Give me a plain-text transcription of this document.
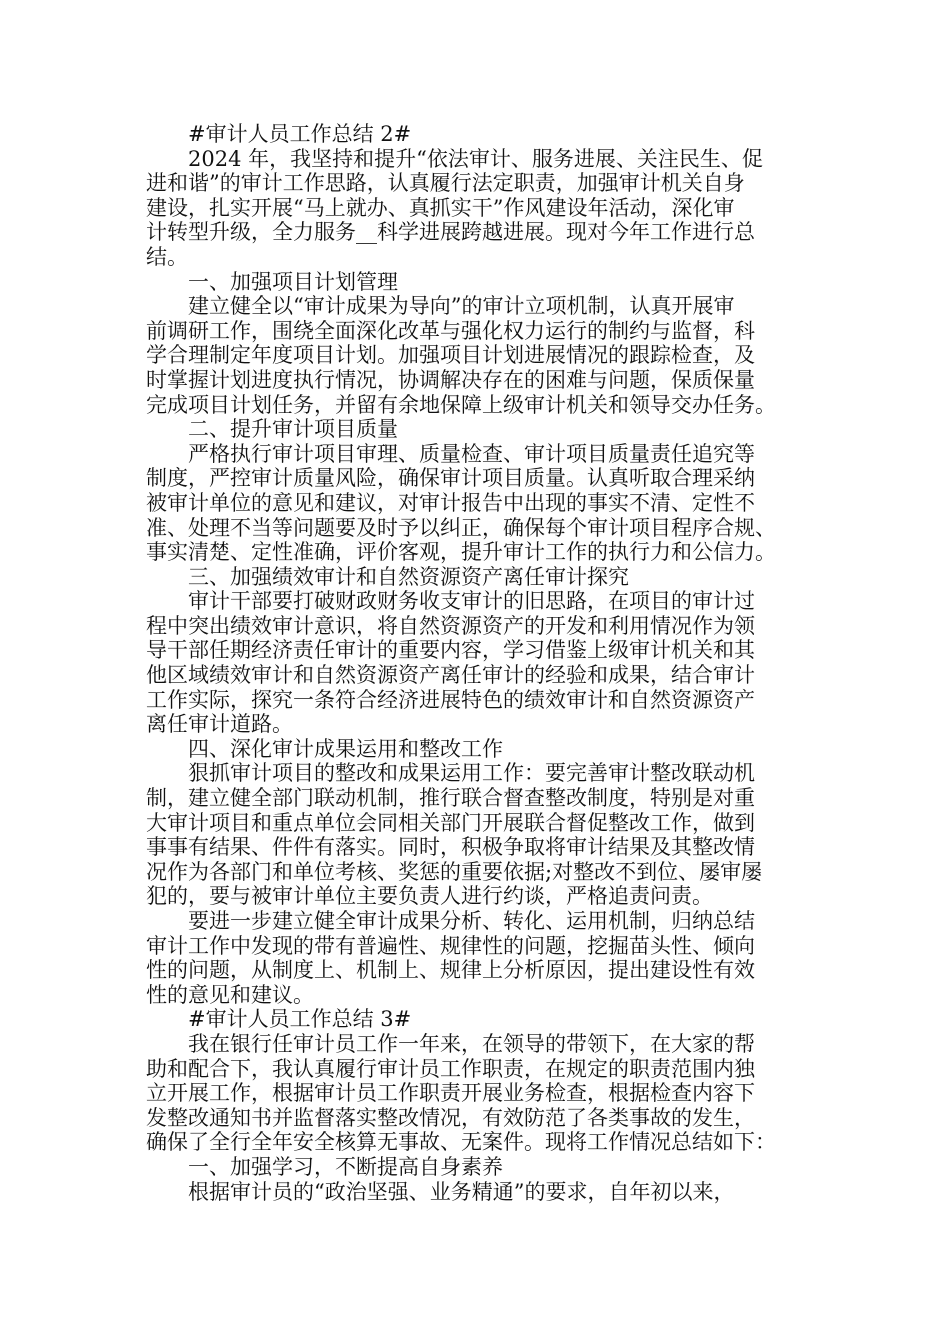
#审计人员工作总结 2#
2024 年，我坚持和提升“依法审计、服务进展、关注民生、促
进和谐”的审计工作思路，认真履行法定职责，加强审计机关自身
建设，扎实开展“马上就办、真抓实干”作风建设年活动，深化审
计转型升级，全力服务__科学进展跨越进展。现对今年工作进行总
结。
一、加强项目计划管理
建立健全以“审计成果为导向”的审计立项机制，认真开展审
前调研工作，围绕全面深化改革与强化权力运行的制约与监督，科
学合理制定年度项目计划。加强项目计划进展情况的跟踪检查，及
时掌握计划进度执行情况，协调解决存在的困难与问题，保质保量
完成项目计划任务，并留有余地保障上级审计机关和领导交办任务。
二、提升审计项目质量
严格执行审计项目审理、质量检查、审计项目质量责任追究等
制度，严控审计质量风险，确保审计项目质量。认真听取合理采纳
被审计单位的意见和建议，对审计报告中出现的事实不清、定性不
准、处理不当等问题要及时予以纠正，确保每个审计项目程序合规、
事实清楚、定性准确，评价客观，提升审计工作的执行力和公信力。
三、加强绩效审计和自然资源资产离任审计探究
审计干部要打破财政财务收支审计的旧思路，在项目的审计过
程中突出绩效审计意识，将自然资源资产的开发和利用情况作为领
导干部任期经济责任审计的重要内容，学习借鉴上级审计机关和其
他区域绩效审计和自然资源资产离任审计的经验和成果，结合审计
工作实际，探究一条符合经济进展特色的绩效审计和自然资源资产
离任审计道路。
四、深化审计成果运用和整改工作
狠抓审计项目的整改和成果运用工作：要完善审计整改联动机
制，建立健全部门联动机制，推行联合督查整改制度，特别是对重
大审计项目和重点单位会同相关部门开展联合督促整改工作，做到
事事有结果、件件有落实。同时，积极争取将审计结果及其整改情
况作为各部门和单位考核、奖惩的重要依据;对整改不到位、屡审屡
犯的，要与被审计单位主要负责人进行约谈，严格追责问责。
要进一步建立健全审计成果分析、转化、运用机制，归纳总结
审计工作中发现的带有普遍性、规律性的问题，挖掘苗头性、倾向
性的问题，从制度上、机制上、规律上分析原因，提出建设性有效
性的意见和建议。
#审计人员工作总结 3#
我在银行任审计员工作一年来，在领导的带领下，在大家的帮
助和配合下，我认真履行审计员工作职责，在规定的职责范围内独
立开展工作，根据审计员工作职责开展业务检查，根据检查内容下
发整改通知书并监督落实整改情况，有效防范了各类事故的发生，
确保了全行全年安全核算无事故、无案件。现将工作情况总结如下：
一、加强学习，不断提高自身素养
根据审计员的“政治坚强、业务精通”的要求，自年初以来，
